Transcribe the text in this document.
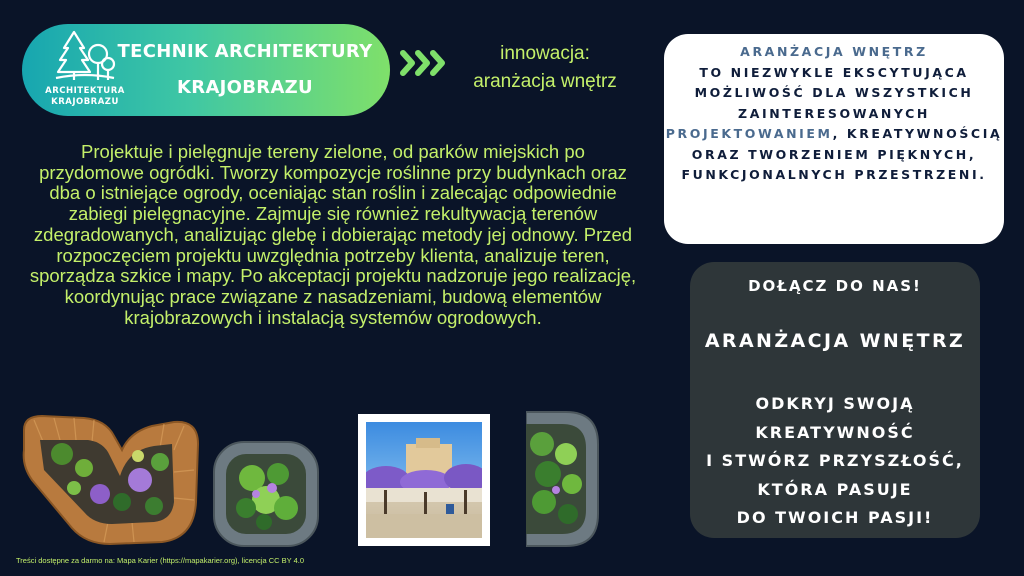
ARCHITEKTURA
KRAJOBRAZU
TECHNIK ARCHITEKTURY
KRAJOBRAZU
innowacja:
aranżacja wnętrz
Projektuje i pielęgnuje tereny zielone, od parków miejskich po przydomowe ogródki. Tworzy kompozycje roślinne przy budynkach oraz dba o istniejące ogrody, oceniając stan roślin i zalecając odpowiednie zabiegi pielęgnacyjne. Zajmuje się również rekultywacją terenów zdegradowanych, analizując glebę i dobierając metody jej odnowy. Przed rozpoczęciem projektu uwzględnia potrzeby klienta, analizuje teren, sporządza szkice i mapy. Po akceptacji projektu nadzoruje jego realizację, koordynując prace związane z nasadzeniami, budową elementów krajobrazowych i instalacją systemów ogrodowych.
ARANŻACJA WNĘTRZ
TO NIEZWYKLE EKSCYTUJĄCA MOŻLIWOŚĆ DLA WSZYSTKICH ZAINTERESOWANYCH PROJEKTOWANIEM, KREATYWNOŚCIĄ ORAZ TWORZENIEM PIĘKNYCH, FUNKCJONALNYCH PRZESTRZENI.
DOŁĄCZ DO NAS!
ARANŻACJA WNĘTRZ
ODKRYJ SWOJĄ
KREATYWNOŚĆ
I STWÓRZ PRZYSZŁOŚĆ,
KTÓRA PASUJE
DO TWOICH PASJI!
Treści dostępne za darmo na: Mapa Karier (https://mapakarier.org), licencja CC BY 4.0
